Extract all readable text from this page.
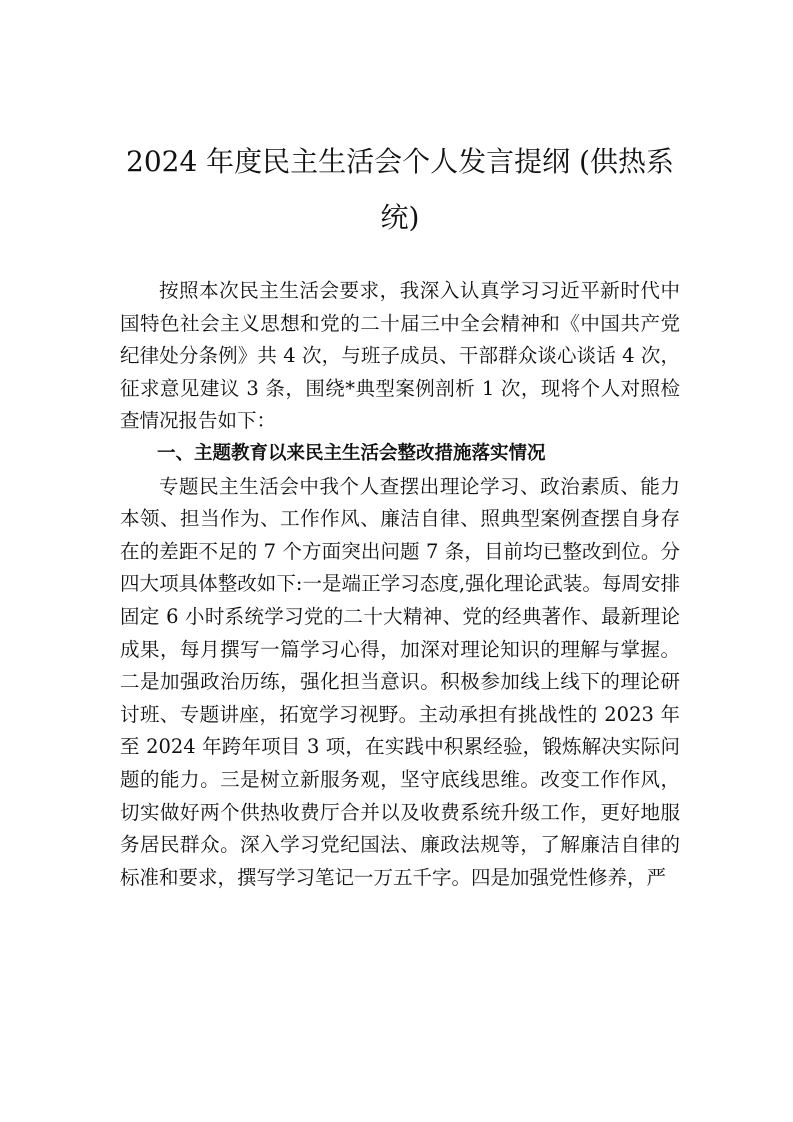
2024 年度民主生活会个人发言提纲 (供热系统)

按照本次民主生活会要求，我深入认真学习习近平新时代中国特色社会主义思想和党的二十届三中全会精神和《中国共产党纪律处分条例》共 4 次，与班子成员、干部群众谈心谈话 4 次，征求意见建议 3 条，围绕*典型案例剖析 1 次，现将个人对照检查情况报告如下：

一、主题教育以来民主生活会整改措施落实情况

专题民主生活会中我个人查摆出理论学习、政治素质、能力本领、担当作为、工作作风、廉洁自律、照典型案例查摆自身存在的差距不足的 7 个方面突出问题 7 条，目前均已整改到位。分四大项具体整改如下:一是端正学习态度,强化理论武装。每周安排固定 6 小时系统学习党的二十大精神、党的经典著作、最新理论成果，每月撰写一篇学习心得，加深对理论知识的理解与掌握。二是加强政治历练，强化担当意识。积极参加线上线下的理论研讨班、专题讲座，拓宽学习视野。主动承担有挑战性的 2023 年至 2024 年跨年项目 3 项，在实践中积累经验，锻炼解决实际问题的能力。三是树立新服务观，坚守底线思维。改变工作作风，切实做好两个供热收费厅合并以及收费系统升级工作，更好地服务居民群众。深入学习党纪国法、廉政法规等，了解廉洁自律的标准和要求，撰写学习笔记一万五千字。四是加强党性修养，严
